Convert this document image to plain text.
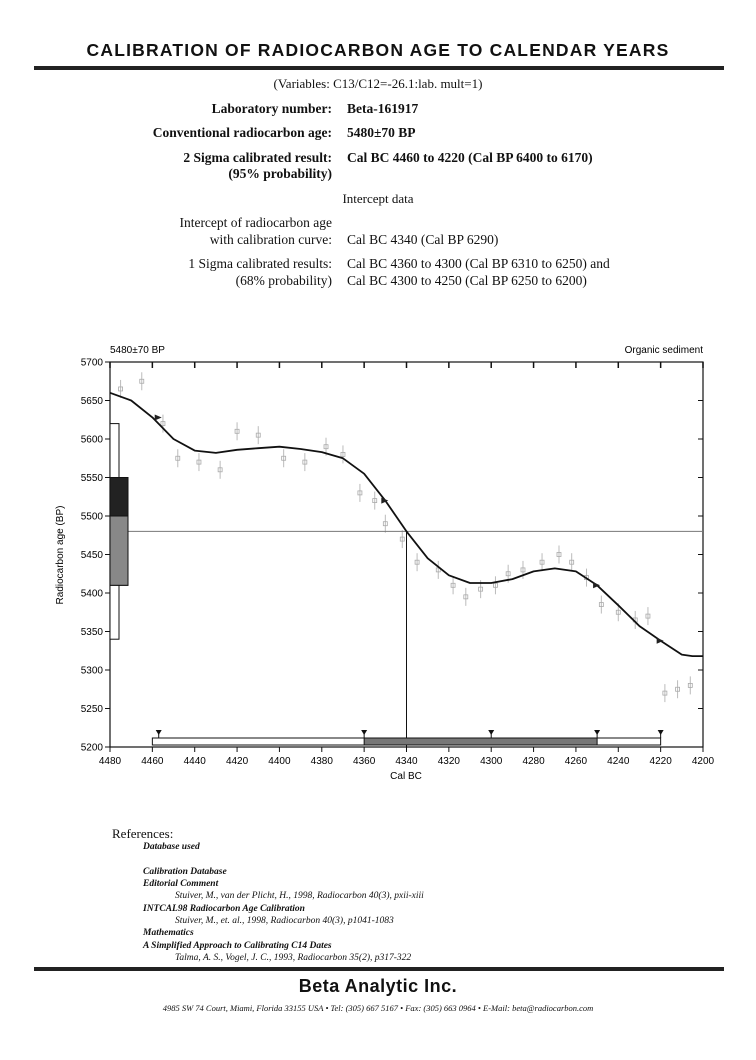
CALIBRATION OF RADIOCARBON AGE TO CALENDAR YEARS
(Variables: C13/C12=-26.1:lab. mult=1)
Laboratory number: Beta-161917
Conventional radiocarbon age: 5480±70 BP
2 Sigma calibrated result:
(95% probability)
Cal BC 4460 to 4220 (Cal BP 6400 to 6170)
Intercept data
Intercept of radiocarbon age
with calibration curve: Cal BC 4340 (Cal BP 6290)
1 Sigma calibrated results:
(68% probability)
Cal BC 4360 to 4300 (Cal BP 6310 to 6250) and
Cal BC 4300 to 4250 (Cal BP 6250 to 6200)
5480±70 BP	Organic sediment
Cal BC
Radiocarbon age (BP)
5200
5250
5300
5350
5400
5450
5500
5550
5600
5650
5700
4480 4460 4440 4420 4400 4380 4360 4340 4320 4300 4280 4260 4240 4220 4200
References:
Database used
Calibration Database
Editorial Comment
Stuiver, M., van der Plicht, H., 1998, Radiocarbon 40(3), pxii-xiii
INTCAL98 Radiocarbon Age Calibration
Stuiver, M., et. al., 1998, Radiocarbon 40(3), p1041-1083
Mathematics
A Simplified Approach to Calibrating C14 Dates
Talma, A. S., Vogel, J. C., 1993, Radiocarbon 35(2), p317-322
Beta Analytic Inc.
4985 SW 74 Court, Miami, Florida 33155 USA • Tel: (305) 667 5167 • Fax: (305) 663 0964 • E-Mail: beta@radiocarbon.com
